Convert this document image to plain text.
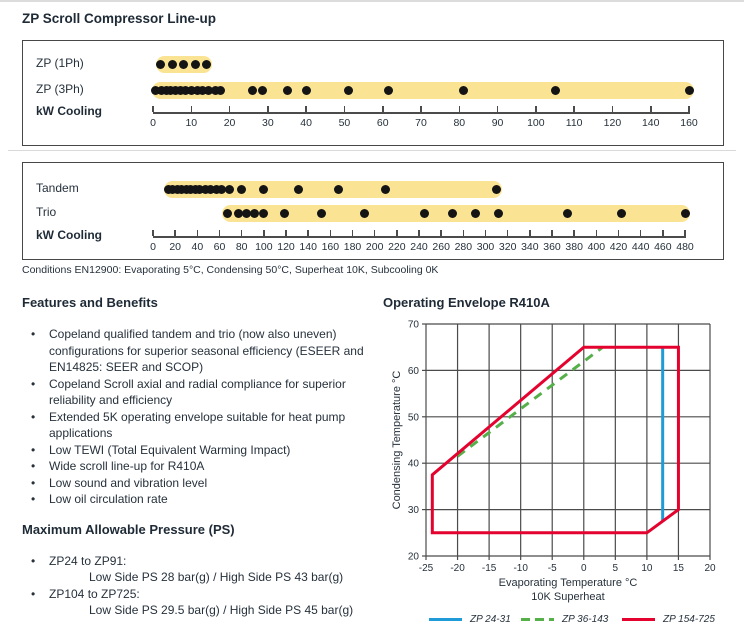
ZP Scroll Compressor Line-up
ZP (1Ph)
ZP (3Ph)
0	10	20	30	40	50	60	70	80	90	100	110	120	140	160
kW Cooling
Tandem
Trio
0	20 40 60 80 100 120 140 160 180 200 220 240 260 280 300 320 340 360 380 400 420 440 460 480
kW Cooling
Conditions EN12900: Evaporating 5°C, Condensing 50°C, Superheat 10K, Subcooling 0K
Features and Benefits
• Copeland qualified tandem and trio (now also uneven) configurations for superior seasonal efficiency (ESEER and EN14825: SEER and SCOP)
• Copeland Scroll axial and radial compliance for superior reliability and efficiency
• Extended 5K operating envelope suitable for heat pump applications
• Low TEWI (Total Equivalent Warming Impact)
• Wide scroll line-up for R410A
• Low sound and vibration level
• Low oil circulation rate
Maximum Allowable Pressure (PS)
• ZP24 to ZP91:
Low Side PS 28 bar(g) / High Side PS 43 bar(g)
• ZP104 to ZP725:
Low Side PS 29.5 bar(g) / High Side PS 45 bar(g)
Operating Envelope R410A
-25 -20 -15 -10 -5 0	5 10 15 20
20
30
40
50
60
70
Evaporating Temperature °C
10K Superheat
Condensing Temperature °C
ZP 24-31	ZP 36-143	ZP 154-725
